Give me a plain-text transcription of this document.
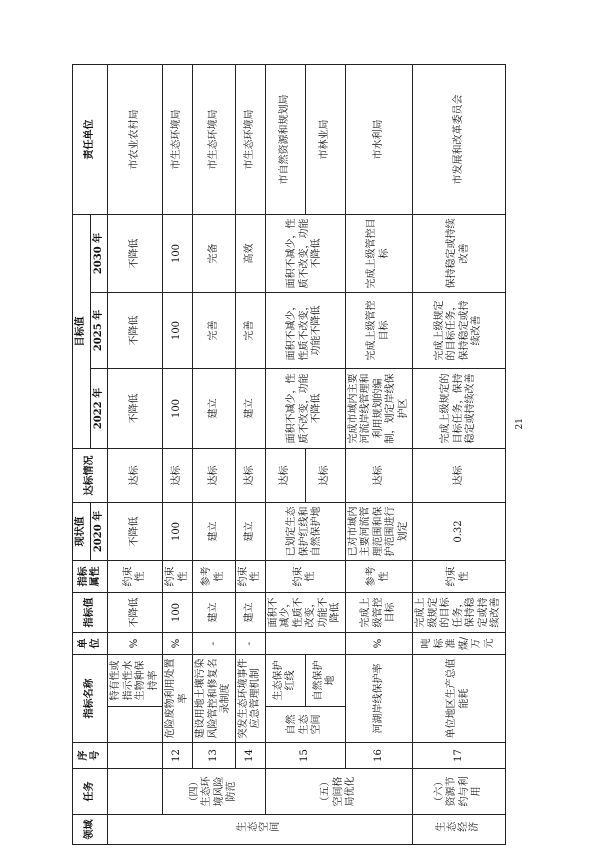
领域	任务	序号	指标名称		单位	指标值	指标属性	现状值	达标情况	目标值			责任单位
								2020 年		2022 年	2025 年	2030 年	
生态空间				特有性或指示性水生物种保持率	%	不降低	约束性	不降低	达标	不降低	不降低	不降低	市农业农村局
	（四）生态环境风险防范	12	危险废物利用处置率		%	100	约束性	100	达标	100	100	100	市生态环境局
		13	建设用地土壤污染风险管控和修复名录制度		-	建立	参考性	建立	达标	建立	完善	完备	市生态环境局
		14	突发生态环境事件应急管理机制		-	建立	约束性	建立	达标	建立	完善	高效	市生态环境局
	（五）空间格局优化	15	自然生态空间	生态保护红线		面积不减少，性质不改变，功能不降低	约束性	已划定生态保护红线和自然保护地	达标	面积不减少，性质不改变，功能不降低	面积不减少，性质不改变，功能不降低	面积不减少，性质不改变，功能不降低	市自然资源和规划局
				自然保护地					达标				市林业局
		16	河湖岸线保护率		%	完成上级管控目标	参考性	已对市域内主要河流管理范围和保护范围进行划定	达标	完成市域内主要河流岸线管理和利用规划的编制，划定岸线保护区	完成上级管控目标	完成上级管控目标	市水利局
生态经济	（六）资源节约与利用	17	单位地区生产总值能耗		吨标准煤/万元	完成上级规定的目标任务，保持稳定或持续改善	约束性	0.32	达标	完成上级规定的目标任务，保持稳定或持续改善	完成上级规定的目标任务，保持稳定或持续改善	保持稳定或持续改善	市发展和改革委员会
21
